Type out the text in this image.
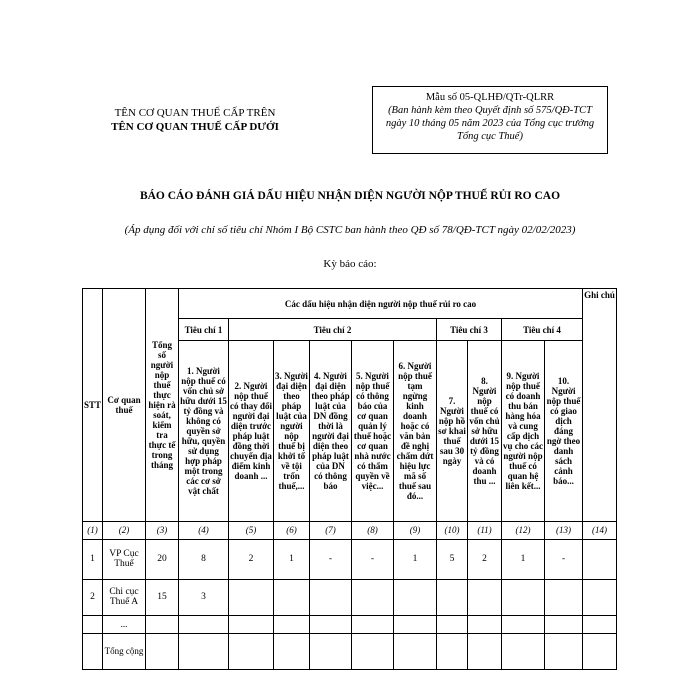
TÊN CƠ QUAN THUẾ CẤP TRÊN
TÊN CƠ QUAN THUẾ CẤP DƯỚI
Mẫu số 05-QLHĐ/QTr-QLRR
(Ban hành kèm theo Quyết định số 575/QĐ-TCT ngày 10 tháng 05 năm 2023 của Tổng cục trưởng Tổng cục Thuế)
BÁO CÁO ĐÁNH GIÁ DẤU HIỆU NHẬN DIỆN NGƯỜI NỘP THUẾ RỦI RO CAO
(Áp dụng đối với chỉ số tiêu chí Nhóm I Bộ CSTC ban hành theo QĐ số 78/QĐ-TCT ngày 02/02/2023)
Kỳ báo cáo:
STT	Cơ quan thuế	Tổng số người nộp thuế thực hiện rà soát, kiểm tra thực tế trong tháng	Các dấu hiệu nhận diện người nộp thuế rủi ro cao										Ghi chú
			Tiêu chí 1	Tiêu chí 2					Tiêu chí 3		Tiêu chí 4		
			1. Người nộp thuế có vốn chủ sở hữu dưới 15 tỷ đồng và không có quyền sở hữu, quyền sử dụng hợp pháp một trong các cơ sở vật chất	2. Người nộp thuế có thay đổi người đại diện trước pháp luật đồng thời chuyển địa điểm kinh doanh ...	3. Người đại diện theo pháp luật của người nộp thuế bị khởi tố về tội trốn thuế,...	4. Người đại diện theo pháp luật của DN đồng thời là người đại diện theo pháp luật của DN có thông báo	5. Người nộp thuế có thông báo của cơ quan quản lý thuế hoặc cơ quan nhà nước có thẩm quyền về việc...	6. Người nộp thuế tạm ngừng kinh doanh hoặc có văn bản đề nghị chấm dứt hiệu lực mã số thuế sau đó...	7. Người nộp hồ sơ khai thuế sau 30 ngày	8. Người nộp thuế có vốn chủ sở hữu dưới 15 tỷ đồng và có doanh thu ...	9. Người nộp thuế có doanh thu bán hàng hóa và cung cấp dịch vụ cho các người nộp thuế có quan hệ liên kết...	10. Người nộp thuế có giao dịch đáng ngờ theo danh sách cảnh báo...	
(1)	(2)	(3)	(4)	(5)	(6)	(7)	(8)	(9)	(10)	(11)	(12)	(13)	(14)
1	VP Cục Thuế	20	8	2	1	-	-	1	5	2	1	-	
2	Chi cục Thuế A	15	3										
	...												
	Tổng cộng												
